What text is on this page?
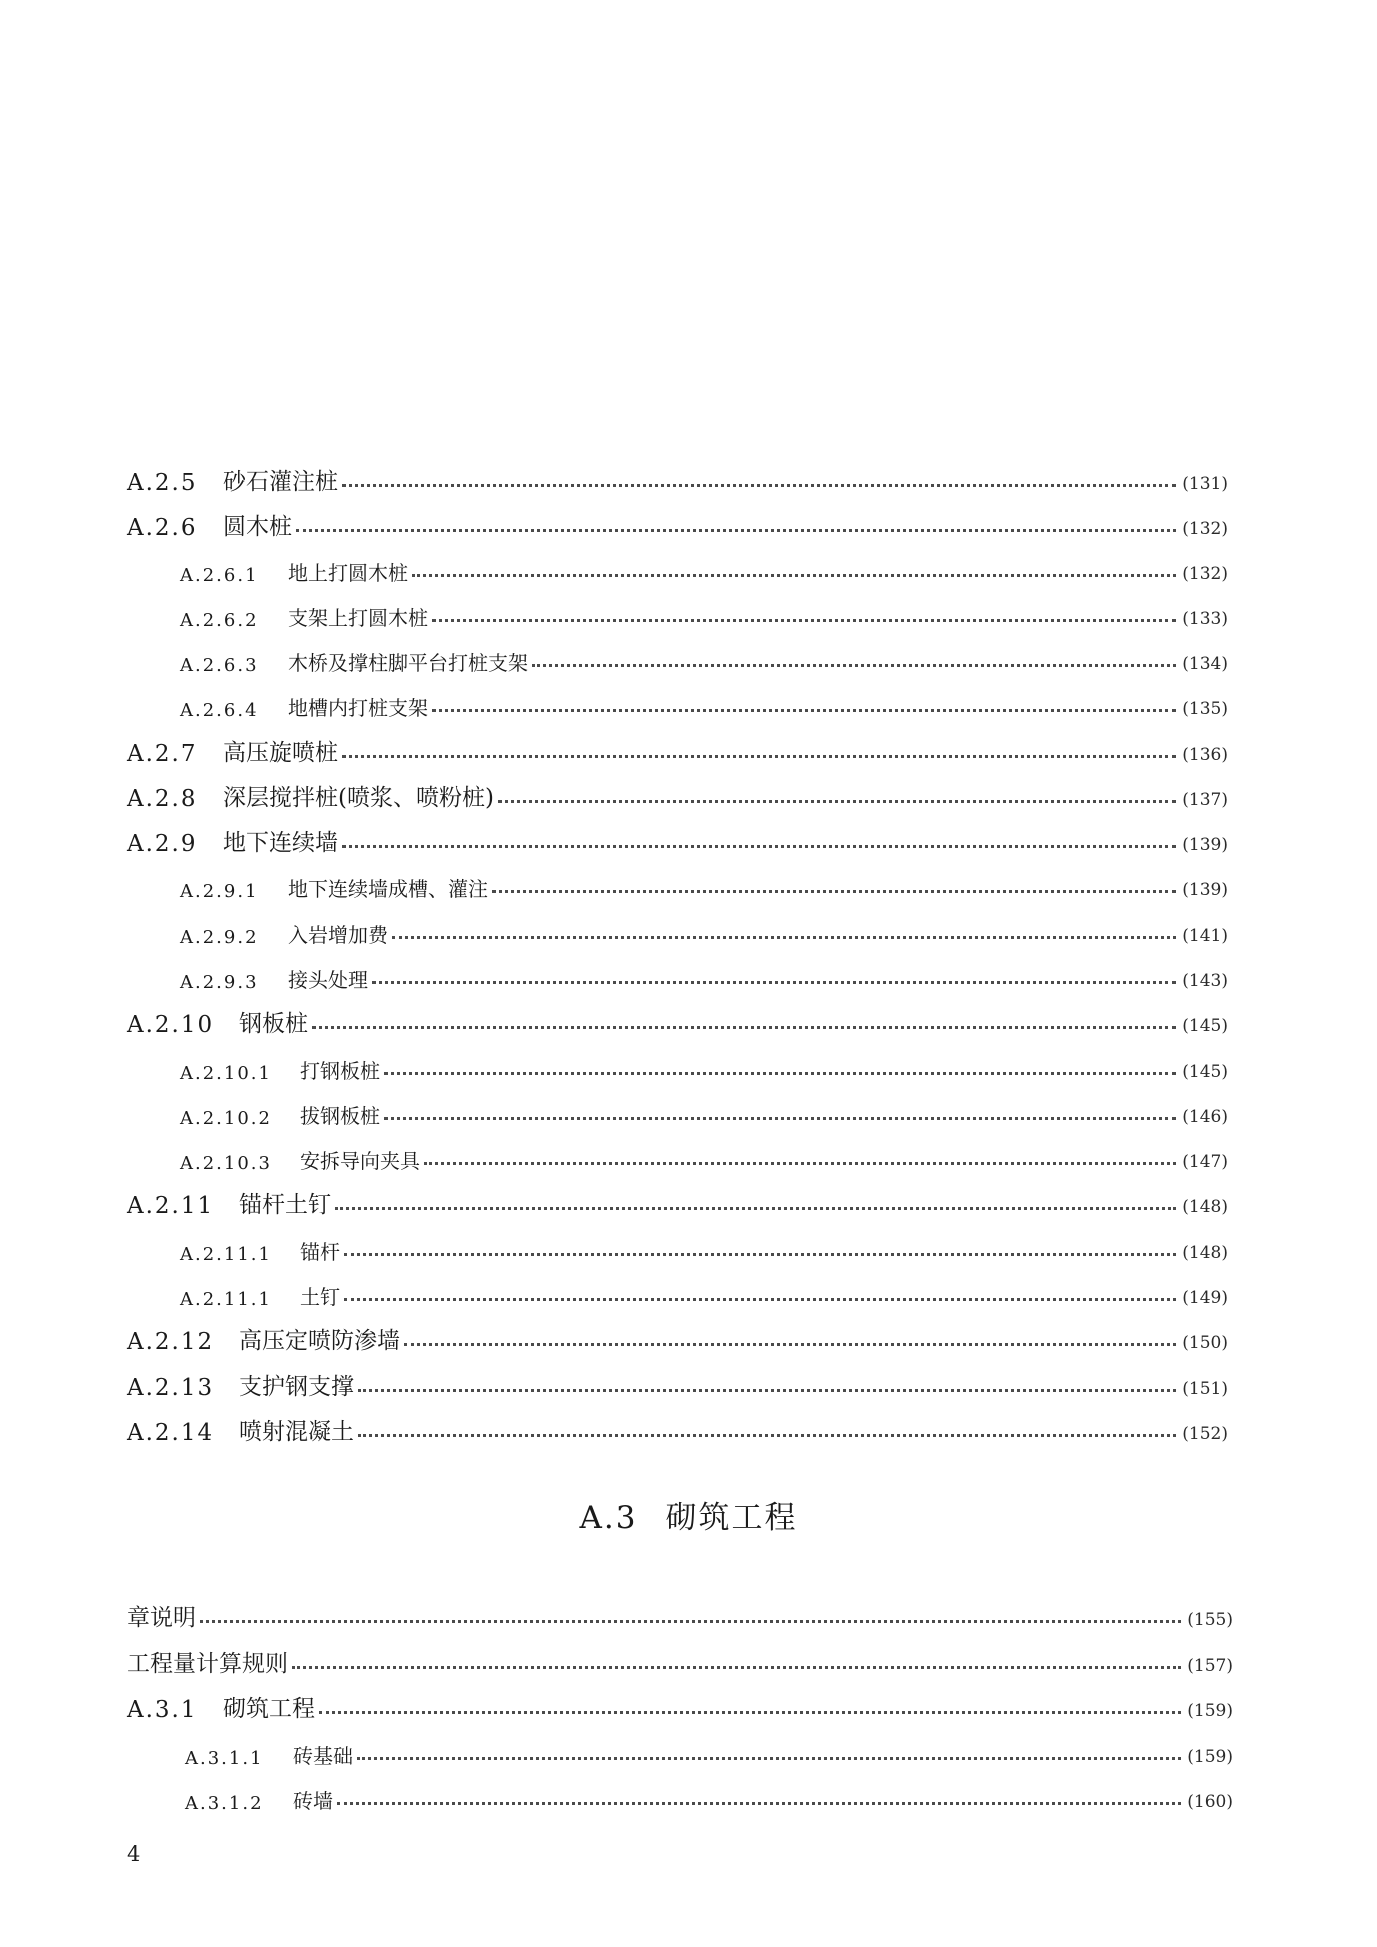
A.2.5	砂石灌注桩	(131)
A.2.6	圆木桩	(132)
A.2.6.1	地上打圆木桩	(132)
A.2.6.2	支架上打圆木桩	(133)
A.2.6.3	木桥及撑柱脚平台打桩支架	(134)
A.2.6.4	地槽内打桩支架	(135)
A.2.7	高压旋喷桩	(136)
A.2.8	深层搅拌桩(喷浆、喷粉桩)	(137)
A.2.9	地下连续墙	(139)
A.2.9.1	地下连续墙成槽、灌注	(139)
A.2.9.2	入岩增加费	(141)
A.2.9.3	接头处理	(143)
A.2.10	钢板桩	(145)
A.2.10.1	打钢板桩	(145)
A.2.10.2	拔钢板桩	(146)
A.2.10.3	安拆导向夹具	(147)
A.2.11	锚杆土钉	(148)
A.2.11.1	锚杆	(148)
A.2.11.1	土钉	(149)
A.2.12	高压定喷防渗墙	(150)
A.2.13	支护钢支撑	(151)
A.2.14	喷射混凝土	(152)
A.3 砌筑工程
章说明	(155)
工程量计算规则	(157)
A.3.1	砌筑工程	(159)
A.3.1.1	砖基础	(159)
A.3.1.2	砖墙	(160)
4
